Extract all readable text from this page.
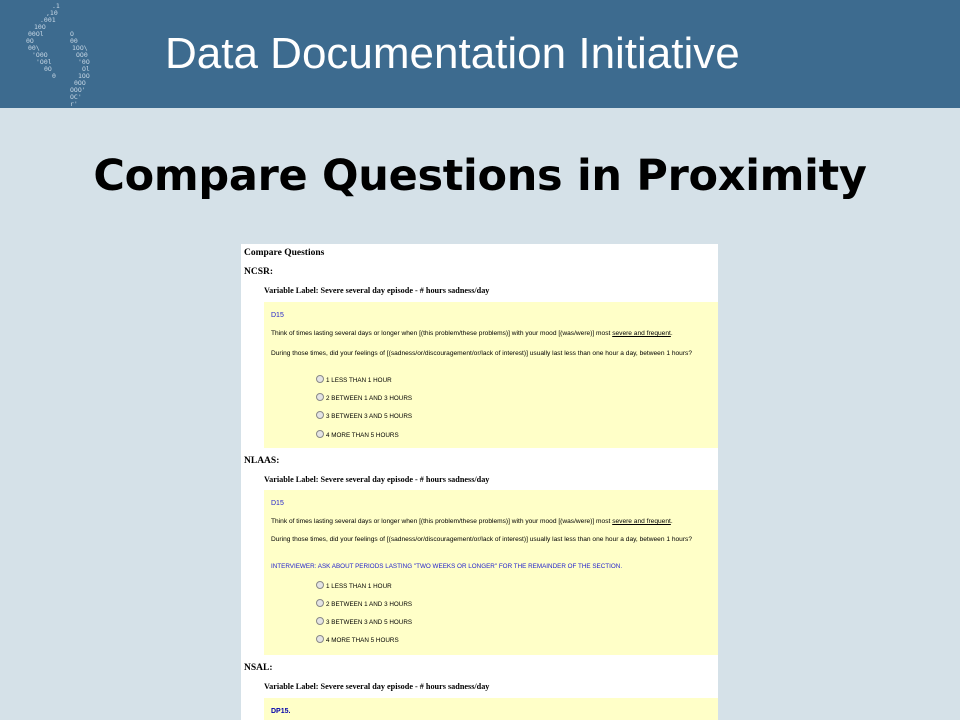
.1
,10
.001
10O
00Ol
0O
00\
'O0O
'O0l
0O
0
O
00
1OO\
OO0
'0O
Ol
1OO
0OO
OOO'
OC'
r'
Data Documentation Initiative
Compare Questions in Proximity
Compare Questions
NCSR:
Variable Label: Severe several day episode - # hours sadness/day
D15
Think of times lasting several days or longer when [(this problem/these problems)] with your mood [(was/were)] most severe and frequent.
During those times, did your feelings of [(sadness/or/discouragement/or/lack of interest)] usually last less than one hour a day, between 1 hours?
1 LESS THAN 1 HOUR
2 BETWEEN 1 AND 3 HOURS
3 BETWEEN 3 AND 5 HOURS
4 MORE THAN 5 HOURS
NLAAS:
Variable Label: Severe several day episode - # hours sadness/day
D15
Think of times lasting several days or longer when [(this problem/these problems)] with your mood [(was/were)] most severe and frequent.
During those times, did your feelings of [(sadness/or/discouragement/or/lack of interest)] usually last less than one hour a day, between 1 hours?
INTERVIEWER: ASK ABOUT PERIODS LASTING "TWO WEEKS OR LONGER" FOR THE REMAINDER OF THE SECTION.
1 LESS THAN 1 HOUR
2 BETWEEN 1 AND 3 HOURS
3 BETWEEN 3 AND 5 HOURS
4 MORE THAN 5 HOURS
NSAL:
Variable Label: Severe several day episode - # hours sadness/day
DP15.
